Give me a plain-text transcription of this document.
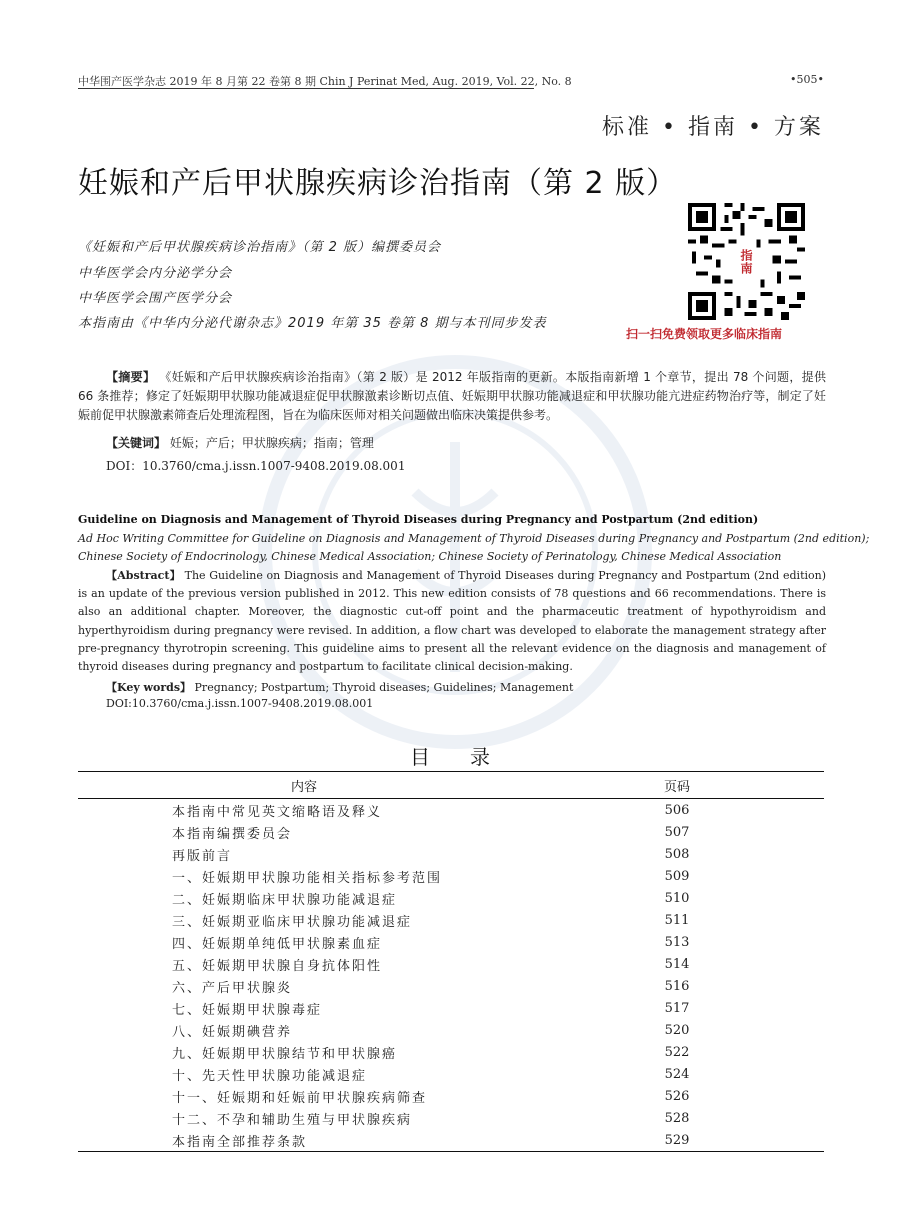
中华围产医学杂志 2019 年 8 月第 22 卷第 8 期 Chin J Perinat Med, Aug. 2019, Vol. 22, No. 8	•505•
标准 • 指南 • 方案
妊娠和产后甲状腺疾病诊治指南（第 2 版）
《妊娠和产后甲状腺疾病诊治指南》（第 2 版）编撰委员会
中华医学会内分泌学分会
中华医学会围产医学分会
本指南由《中华内分泌代谢杂志》2019 年第 35 卷第 8 期与本刊同步发表
指
南
扫一扫免费领取更多临床指南
【摘要】 《妊娠和产后甲状腺疾病诊治指南》（第 2 版）是 2012 年版指南的更新。本版指南新增 1 个章节，提出 78 个问题，提供 66 条推荐；修定了妊娠期甲状腺功能减退症促甲状腺激素诊断切点值、妊娠期甲状腺功能减退症和甲状腺功能亢进症药物治疗等，制定了妊娠前促甲状腺激素筛查后处理流程图，旨在为临床医师对相关问题做出临床决策提供参考。
【关键词】 妊娠；产后；甲状腺疾病；指南；管理
DOI：10.3760/cma.j.issn.1007-9408.2019.08.001
Guideline on Diagnosis and Management of Thyroid Diseases during Pregnancy and Postpartum (2nd edition)
Ad Hoc Writing Committee for Guideline on Diagnosis and Management of Thyroid Diseases during Pregnancy and Postpartum (2nd edition);
Chinese Society of Endocrinology, Chinese Medical Association; Chinese Society of Perinatology, Chinese Medical Association
【Abstract】 The Guideline on Diagnosis and Management of Thyroid Diseases during Pregnancy and Postpartum (2nd edition) is an update of the previous version published in 2012. This new edition consists of 78 questions and 66 recommendations. There is also an additional chapter. Moreover, the diagnostic cut-off point and the pharmaceutic treatment of hypothyroidism and hyperthyroidism during pregnancy were revised. In addition, a flow chart was developed to elaborate the management strategy after pre-pregnancy thyrotropin screening. This guideline aims to present all the relevant evidence on the diagnosis and management of thyroid diseases during pregnancy and postpartum to facilitate clinical decision-making.
【Key words】 Pregnancy; Postpartum; Thyroid diseases; Guidelines; Management
DOI:10.3760/cma.j.issn.1007-9408.2019.08.001
目录
内容	页码
本指南中常见英文缩略语及释义	506
本指南编撰委员会	507
再版前言	508
一、妊娠期甲状腺功能相关指标参考范围	509
二、妊娠期临床甲状腺功能减退症	510
三、妊娠期亚临床甲状腺功能减退症	511
四、妊娠期单纯低甲状腺素血症	513
五、妊娠期甲状腺自身抗体阳性	514
六、产后甲状腺炎	516
七、妊娠期甲状腺毒症	517
八、妊娠期碘营养	520
九、妊娠期甲状腺结节和甲状腺癌	522
十、先天性甲状腺功能减退症	524
十一、妊娠期和妊娠前甲状腺疾病筛查	526
十二、不孕和辅助生殖与甲状腺疾病	528
本指南全部推荐条款	529
